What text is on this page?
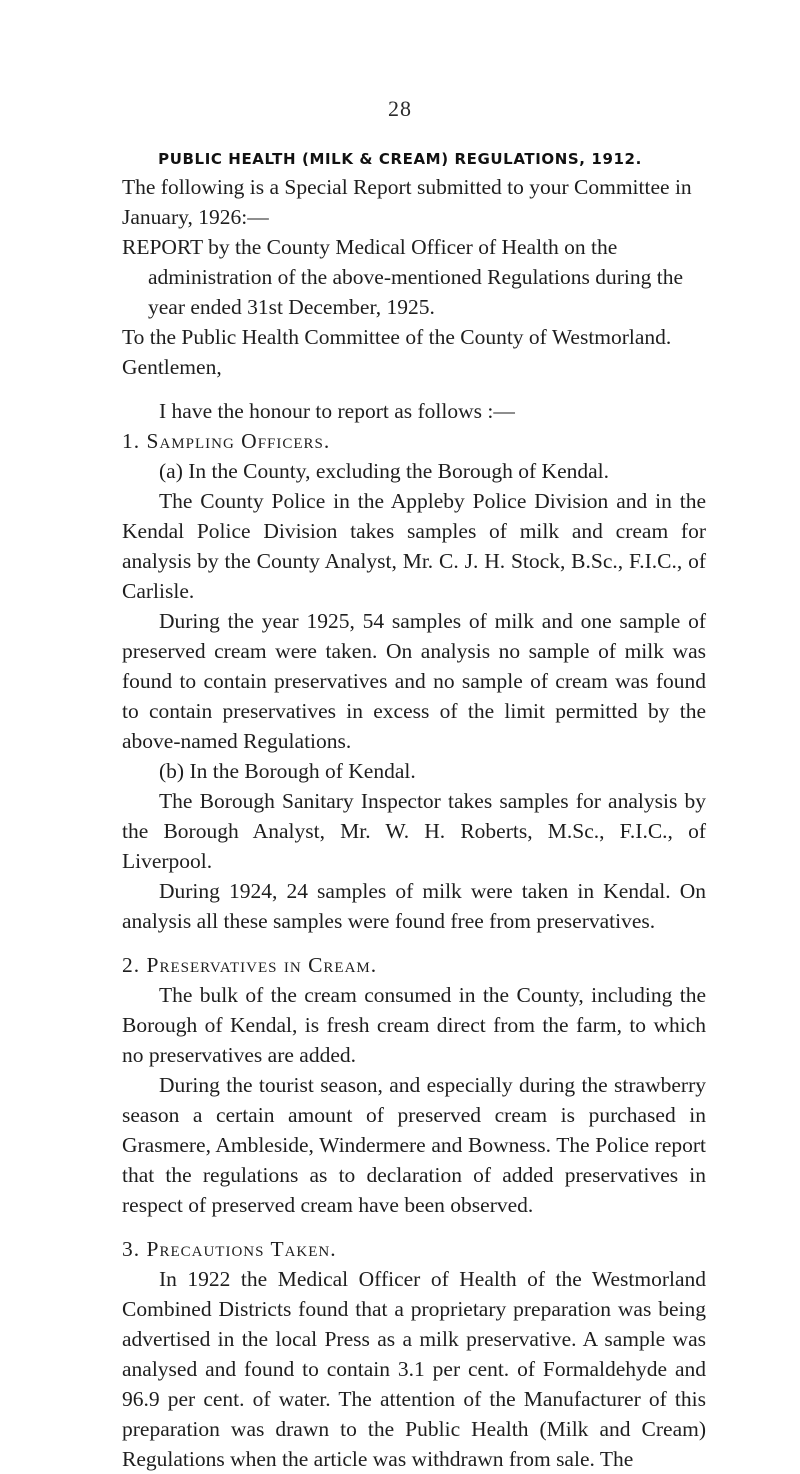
28
PUBLIC HEALTH (MILK & CREAM) REGULATIONS, 1912.

The following is a Special Report submitted to your Committee in January, 1926:—

REPORT by the County Medical Officer of Health on the administration of the above-mentioned Regulations during the year ended 31st December, 1925.

To the Public Health Committee of the County of Westmorland.

Gentlemen,

I have the honour to report as follows :—

1. Sampling Officers.

(a) In the County, excluding the Borough of Kendal.

The County Police in the Appleby Police Division and in the Kendal Police Division takes samples of milk and cream for analysis by the County Analyst, Mr. C. J. H. Stock, B.Sc., F.I.C., of Carlisle.

During the year 1925, 54 samples of milk and one sample of preserved cream were taken. On analysis no sample of milk was found to contain preservatives and no sample of cream was found to contain preservatives in excess of the limit permitted by the above-named Regulations.

(b) In the Borough of Kendal.

The Borough Sanitary Inspector takes samples for analysis by the Borough Analyst, Mr. W. H. Roberts, M.Sc., F.I.C., of Liverpool.

During 1924, 24 samples of milk were taken in Kendal. On analysis all these samples were found free from preservatives.

2. Preservatives in Cream.

The bulk of the cream consumed in the County, including the Borough of Kendal, is fresh cream direct from the farm, to which no preservatives are added.

During the tourist season, and especially during the strawberry season a certain amount of preserved cream is purchased in Grasmere, Ambleside, Windermere and Bowness. The Police report that the regulations as to declaration of added preservatives in respect of preserved cream have been observed.

3. Precautions Taken.

In 1922 the Medical Officer of Health of the Westmorland Combined Districts found that a proprietary preparation was being advertised in the local Press as a milk preservative. A sample was analysed and found to contain 3.1 per cent. of Formaldehyde and 96.9 per cent. of water. The attention of the Manufacturer of this preparation was drawn to the Public Health (Milk and Cream) Regulations when the article was withdrawn from sale. The
